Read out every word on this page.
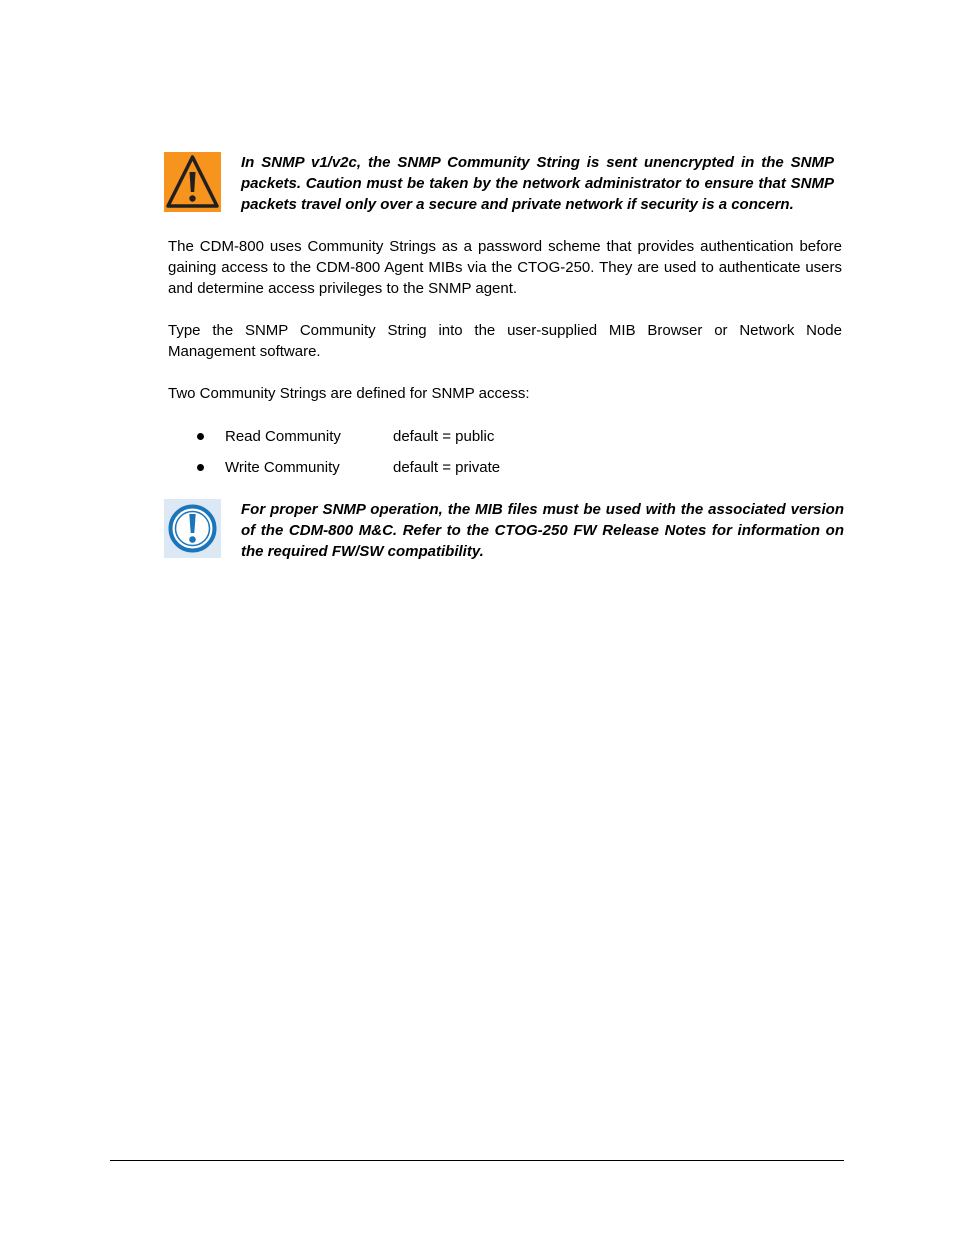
In SNMP v1/v2c, the SNMP Community String is sent unencrypted in the SNMP packets. Caution must be taken by the network administrator to ensure that SNMP packets travel only over a secure and private network if security is a concern.

The CDM-800 uses Community Strings as a password scheme that provides authentication before gaining access to the CDM-800 Agent MIBs via the CTOG-250. They are used to authenticate users and determine access privileges to the SNMP agent.

Type the SNMP Community String into the user-supplied MIB Browser or Network Node Management software.

Two Community Strings are defined for SNMP access:

Read Community	default = public
Write Community	default = private

For proper SNMP operation, the MIB files must be used with the associated version of the CDM-800 M&C. Refer to the CTOG-250 FW Release Notes for information on the required FW/SW compatibility.
